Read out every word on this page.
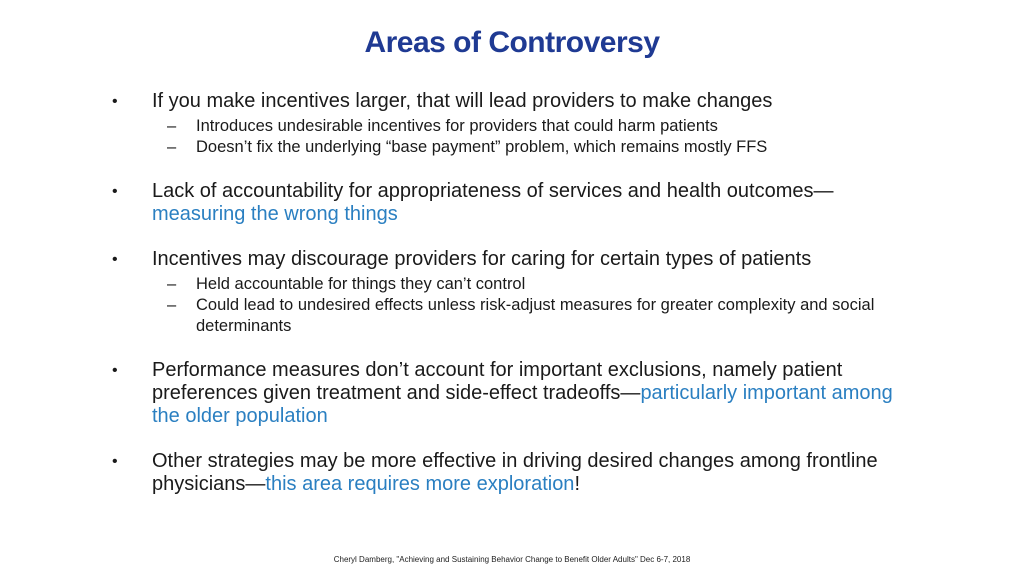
Areas of Controversy
• If you make incentives larger, that will lead providers to make changes
– Introduces undesirable incentives for providers that could harm patients
– Doesn’t fix the underlying “base payment” problem, which remains mostly FFS
• Lack of accountability for appropriateness of services and health outcomes—measuring the wrong things
• Incentives may discourage providers for caring for certain types of patients
– Held accountable for things they can’t control
– Could lead to undesired effects unless risk-adjust measures for greater complexity and social determinants
• Performance measures don’t account for important exclusions, namely patient preferences given treatment and side-effect tradeoffs—particularly important among the older population
• Other strategies may be more effective in driving desired changes among frontline physicians—this area requires more exploration!
Cheryl Damberg, "Achieving and Sustaining Behavior Change to Benefit Older Adults" Dec 6-7, 2018
